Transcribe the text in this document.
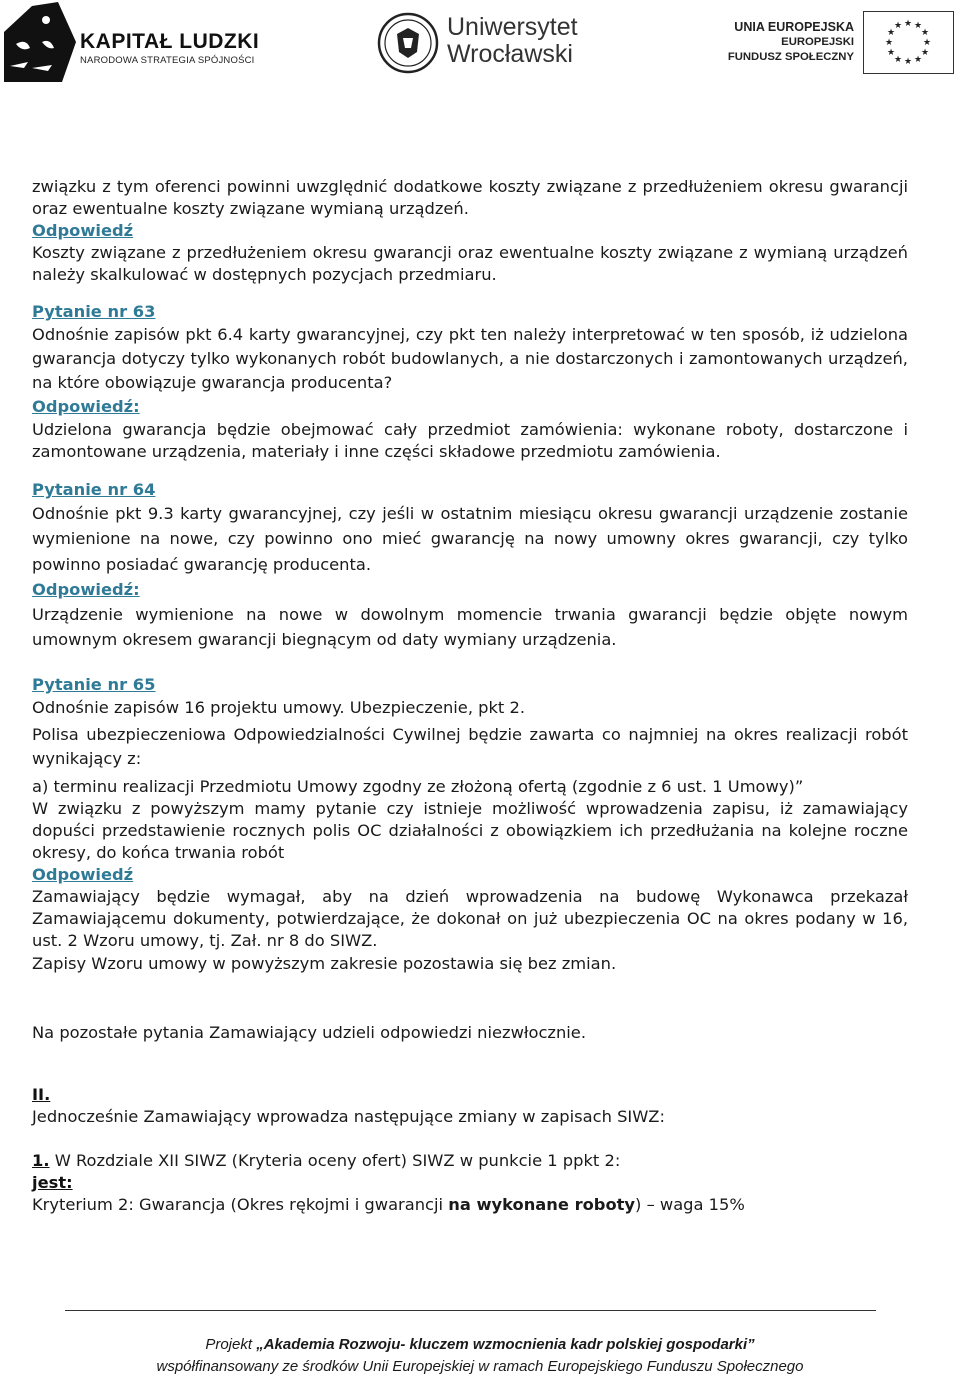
KAPITAŁ LUDZKI
NARODOWA STRATEGIA SPÓJNOŚCI
Uniwersytet
Wrocławski
UNIA EUROPEJSKA
EUROPEJSKI
FUNDUSZ SPOŁECZNY
★ ★
★
★
★
★
★
★
★
★
★
★

związku z tym oferenci powinni uwzględnić dodatkowe koszty związane z przedłużeniem okresu gwarancji oraz ewentualne koszty związane wymianą urządzeń.

Odpowiedź

Koszty związane z przedłużeniem okresu gwarancji oraz ewentualne koszty związane z wymianą urządzeń należy skalkulować w dostępnych pozycjach przedmiaru.

Pytanie nr 63

Odnośnie zapisów pkt 6.4 karty gwarancyjnej, czy pkt ten należy interpretować w ten sposób, iż udzielona gwarancja dotyczy tylko wykonanych robót budowlanych, a nie dostarczonych i zamontowanych urządzeń, na które obowiązuje gwarancja producenta?

Odpowiedź:

Udzielona gwarancja będzie obejmować cały przedmiot zamówienia: wykonane roboty, dostarczone i zamontowane urządzenia, materiały i inne części składowe przedmiotu zamówienia.

Pytanie nr 64

Odnośnie pkt 9.3 karty gwarancyjnej, czy jeśli w ostatnim miesiącu okresu gwarancji urządzenie zostanie wymienione na nowe, czy powinno ono mieć gwarancję na nowy umowny okres gwarancji, czy tylko powinno posiadać gwarancję producenta.

Odpowiedź:

Urządzenie wymienione na nowe w dowolnym momencie trwania gwarancji będzie objęte nowym umownym okresem gwarancji biegnącym od daty wymiany urządzenia.

Pytanie nr 65

Odnośnie zapisów 16 projektu umowy. Ubezpieczenie, pkt 2.

Polisa ubezpieczeniowa Odpowiedzialności Cywilnej będzie zawarta co najmniej na okres realizacji robót wynikający z:

a) terminu realizacji Przedmiotu Umowy zgodny ze złożoną ofertą (zgodnie z 6 ust. 1 Umowy)”

W związku z powyższym mamy pytanie czy istnieje możliwość wprowadzenia zapisu, iż zamawiający dopuści przedstawienie rocznych polis OC działalności z obowiązkiem ich przedłużania na kolejne roczne okresy, do końca trwania robót

Odpowiedź

Zamawiający będzie wymagał, aby na dzień wprowadzenia na budowę Wykonawca przekazał Zamawiającemu dokumenty, potwierdzające, że dokonał on już ubezpieczenia OC na okres podany w 16, ust. 2 Wzoru umowy, tj. Zał. nr 8 do SIWZ.

Zapisy Wzoru umowy w powyższym zakresie pozostawia się bez zmian.

Na pozostałe pytania Zamawiający udzieli odpowiedzi niezwłocznie.

II.

Jednocześnie Zamawiający wprowadza następujące zmiany w zapisach SIWZ:

1. W Rozdziale XII SIWZ (Kryteria oceny ofert) SIWZ w punkcie 1 ppkt 2:

jest:

Kryterium 2: Gwarancja (Okres rękojmi i gwarancji na wykonane roboty) – waga 15%

Projekt „Akademia Rozwoju- kluczem wzmocnienia kadr polskiej gospodarki”
współfinansowany ze środków Unii Europejskiej w ramach Europejskiego Funduszu Społecznego
